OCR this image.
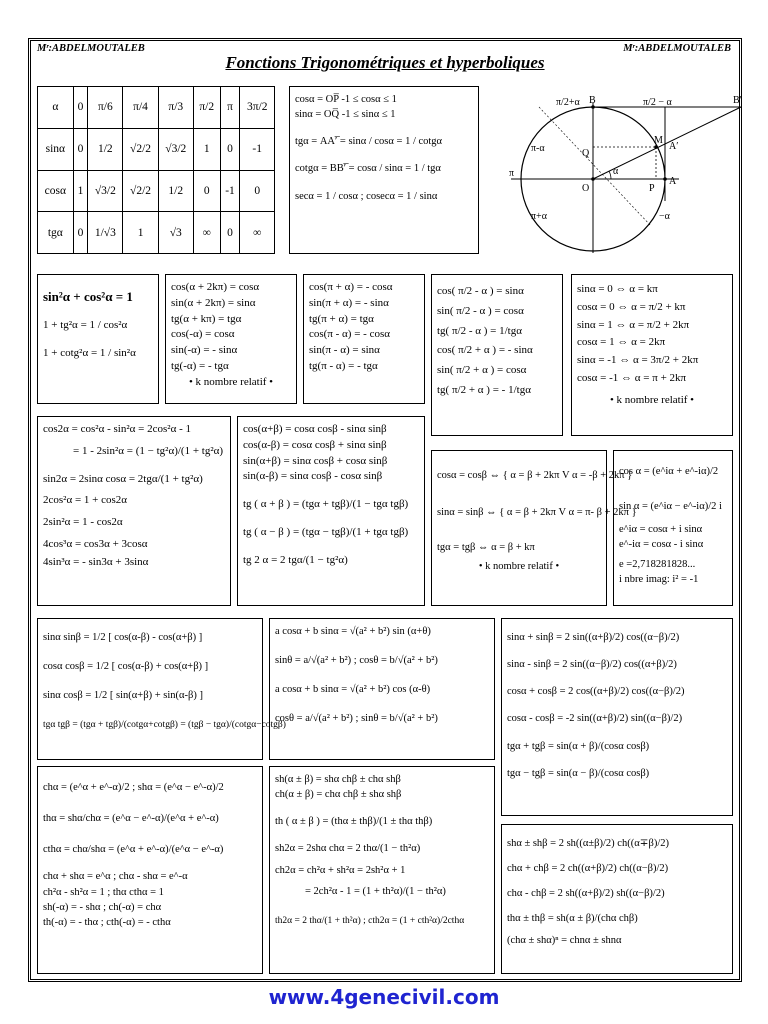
Mʳ:ABDELMOUTALEB	Mʳ:ABDELMOUTALEB
Fonctions Trigonométriques et hyperboliques
α	0	π/6	π/4	π/3	π/2	π	3π/2
sinα	0	1/2	√2/2	√3/2	1	0	-1
cosα	1	√3/2	√2/2	1/2	0	-1	0
tgα	0	1/√3	1	√3	∞	0	∞
cosα = OP̅ -1 ≤ cosα ≤ 1
sinα = OQ̅ -1 ≤ sinα ≤ 1
tgα = AA′̅ = sinα / cosα = 1 / cotgα
cotgα = BB′̅ = cosα / sinα = 1 / tgα
secα = 1 / cosα ; cosecα = 1 / sinα
π/2+α B	π/2 − α	B′
M
A′
π-α	Q
π
O
α
P
A
π+α	−α
sin²α + cos²α = 1
1 + tg²α = 1 / cos²α
1 + cotg²α = 1 / sin²α
cos(α + 2kπ) = cosα
sin(α + 2kπ) = sinα
tg(α + kπ) = tgα
cos(-α) = cosα
sin(-α) = - sinα
tg(-α) = - tgα
• k nombre relatif •
cos(π + α) = - cosα
sin(π + α) = - sinα
tg(π + α) = tgα
cos(π - α) = - cosα
sin(π - α) = sinα
tg(π - α) = - tgα
cos( π/2 - α ) = sinα
sin( π/2 - α ) = cosα
tg( π/2 - α ) = 1/tgα
cos( π/2 + α ) = - sinα
sin( π/2 + α ) = cosα
tg( π/2 + α ) = - 1/tgα
sinα = 0 ⇔ α = kπ
cosα = 0 ⇔ α = π/2 + kπ
sinα = 1 ⇔ α = π/2 + 2kπ
cosα = 1 ⇔ α = 2kπ
sinα = -1 ⇔ α = 3π/2 + 2kπ
cosα = -1 ⇔ α = π + 2kπ
• k nombre relatif •
cos2α = cos²α - sin²α = 2cos²α - 1
= 1 - 2sin²α = (1 − tg²α)/(1 + tg²α)
sin2α = 2sinα cosα = 2tgα/(1 + tg²α)
2cos²α = 1 + cos2α
2sin²α = 1 - cos2α
4cos³α = cos3α + 3cosα
4sin³α = - sin3α + 3sinα
cos(α+β) = cosα cosβ - sinα sinβ
cos(α-β) = cosα cosβ + sinα sinβ
sin(α+β) = sinα cosβ + cosα sinβ
sin(α-β) = sinα cosβ - cosα sinβ
tg ( α + β ) = (tgα + tgβ)/(1 − tgα tgβ)
tg ( α − β ) = (tgα − tgβ)/(1 + tgα tgβ)
tg 2 α = 2 tgα/(1 − tg²α)
cosα = cosβ ⇔ { α = β + 2kπ V α = -β + 2kπ }
sinα = sinβ ⇔ { α = β + 2kπ V α = π- β + 2kπ }
tgα = tgβ ⇔ α = β + kπ
• k nombre relatif •
cos α = (e^iα + e^-iα)/2
sin α = (e^iα − e^-iα)/2 i
e^iα = cosα + i sinα
e^-iα = cosα - i sinα
e =2,718281828...
i nbre imag: i² = -1
sinα sinβ = 1/2 [ cos(α-β) - cos(α+β) ]
cosα cosβ = 1/2 [ cos(α-β) + cos(α+β) ]
sinα cosβ = 1/2 [ sin(α+β) + sin(α-β) ]
tgα tgβ = (tgα + tgβ)/(cotgα+cotgβ) = (tgβ − tgα)/(cotgα−cotgβ)
a cosα + b sinα = √(a² + b²) sin (α+θ)
sinθ = a/√(a² + b²) ; cosθ = b/√(a² + b²)
a cosα + b sinα = √(a² + b²) cos (α-θ)
cosθ = a/√(a² + b²) ; sinθ = b/√(a² + b²)
sinα + sinβ = 2 sin((α+β)/2) cos((α−β)/2)
sinα - sinβ = 2 sin((α−β)/2) cos((α+β)/2)
cosα + cosβ = 2 cos((α+β)/2) cos((α−β)/2)
cosα - cosβ = -2 sin((α+β)/2) sin((α−β)/2)
tgα + tgβ = sin(α + β)/(cosα cosβ)
tgα − tgβ = sin(α − β)/(cosα cosβ)
chα = (e^α + e^-α)/2 ; shα = (e^α − e^-α)/2
thα = shα/chα = (e^α − e^-α)/(e^α + e^-α)
cthα = chα/shα = (e^α + e^-α)/(e^α − e^-α)
chα + shα = e^α ; chα - shα = e^-α
ch²α - sh²α = 1 ; thα cthα = 1
sh(-α) = - shα ; ch(-α) = chα
th(-α) = - thα ; cth(-α) = - cthα
sh(α ± β) = shα chβ ± chα shβ
ch(α ± β) = chα chβ ± shα shβ
th ( α ± β ) = (thα ± thβ)/(1 ± thα thβ)
sh2α = 2shα chα = 2 thα/(1 − th²α)
ch2α = ch²α + sh²α = 2sh²α + 1
= 2ch²α - 1 = (1 + th²α)/(1 − th²α)
th2α = 2 thα/(1 + th²α) ; cth2α = (1 + cth²α)/2cthα
shα ± shβ = 2 sh((α±β)/2) ch((α∓β)/2)
chα + chβ = 2 ch((α+β)/2) ch((α−β)/2)
chα - chβ = 2 sh((α+β)/2) sh((α−β)/2)
thα ± thβ = sh(α ± β)/(chα chβ)
(chα ± shα)ⁿ = chnα ± shnα
www.4genecivil.com
